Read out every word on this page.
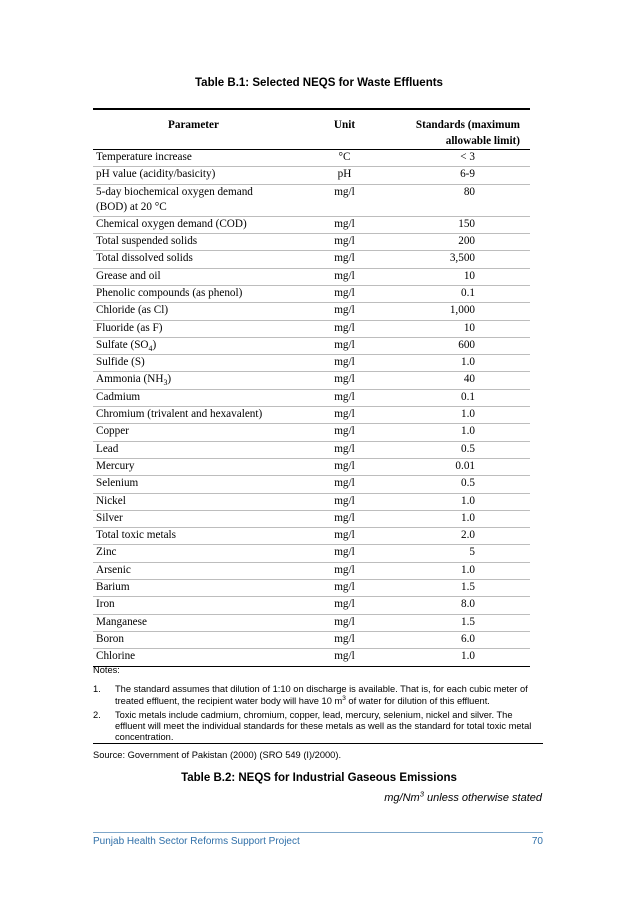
Table B.1: Selected NEQS for Waste Effluents
Parameter	Unit	Standards (maximum
allowable limit)

Temperature increase	°C	< 3
pH value (acidity/basicity)	pH	6-9
5-day biochemical oxygen demand
(BOD) at 20 °C	mg/l	80
Chemical oxygen demand (COD)	mg/l	150
Total suspended solids	mg/l	200
Total dissolved solids	mg/l	3,500
Grease and oil	mg/l	10
Phenolic compounds (as phenol)	mg/l	0.1
Chloride (as Cl)	mg/l	1,000
Fluoride (as F)	mg/l	10
Sulfate $(SO_4)$	mg/l	600
Sulfide (S)	mg/l	1.0
Ammonia $(NH_3)$	mg/l	40
Cadmium	mg/l	0.1
Chromium (trivalent and hexavalent)	mg/l	1.0
Copper	mg/l	1.0
Lead	mg/l	0.5
Mercury	mg/l	0.01
Selenium	mg/l	0.5
Nickel	mg/l	1.0
Silver	mg/l	1.0
Total toxic metals	mg/l	2.0
Zinc	mg/l	5
Arsenic	mg/l	1.0
Barium	mg/l	1.5
Iron	mg/l	8.0
Manganese	mg/l	1.5
Boron	mg/l	6.0
Chlorine	mg/l	1.0
Notes:
1.	The standard assumes that dilution of 1:10 on discharge is available. That is, for each cubic meter of treated effluent, the recipient water body will have 10 $m^3$ of water for dilution of this effluent.
2.	Toxic metals include cadmium, chromium, copper, lead, mercury, selenium, nickel and silver. The effluent will meet the individual standards for these metals as well as the standard for total toxic metal concentration.
Source: Government of Pakistan (2000) (SRO 549 (I)/2000).
Table B.2: NEQS for Industrial Gaseous Emissions
mg/Nm$^3$ unless otherwise stated
Punjab Health Sector Reforms Support Project	70
